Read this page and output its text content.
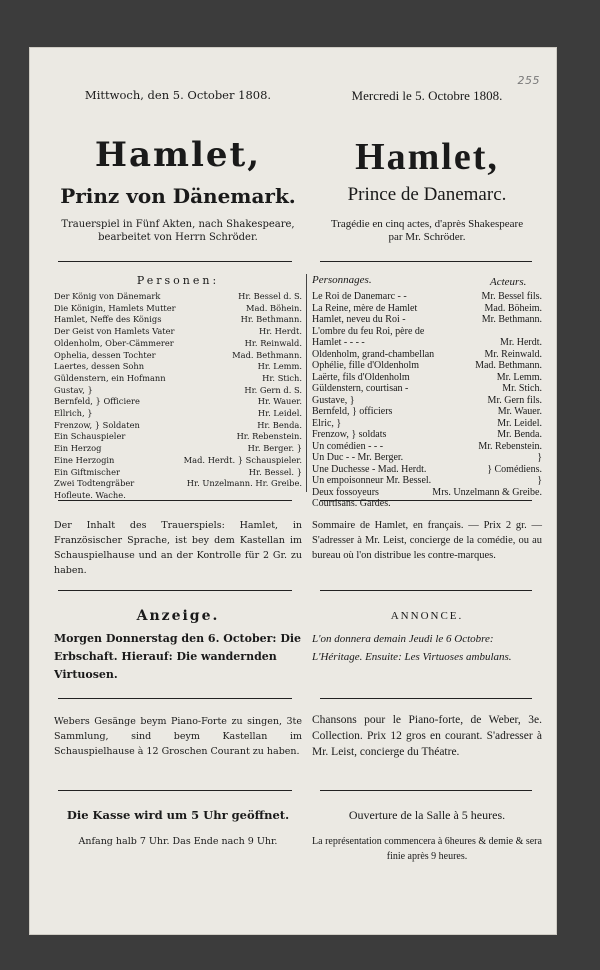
255
Mittwoch, den 5. October 1808.	Mercredi le 5. Octobre 1808.
Hamlet,	Hamlet,
Prinz von Dänemark.	Prince de Danemarc.
Trauerspiel in Fünf Akten, nach Shakespeare,
bearbeitet von Herrn Schröder.
Tragédie en cinq actes, d'après Shakespeare
par Mr. Schröder.
Personen:	Personnages.	Acteurs.
Der König von Dänemark	Hr. Bessel d. S.
Die Königin, Hamlets Mutter	Mad. Böhein.
Hamlet, Neffe des Königs	Hr. Bethmann.
Der Geist von Hamlets Vater	Hr. Herdt.
Oldenholm, Ober-Cämmerer	Hr. Reinwald.
Ophelia, dessen Tochter	Mad. Bethmann.
Laertes, dessen Sohn	Hr. Lemm.
Güldenstern, ein Hofmann	Hr. Stich.
Gustav, }	Hr. Gern d. S.
Bernfeld, } Officiere	Hr. Wauer.
Ellrich, }	Hr. Leidel.
Frenzow, } Soldaten	Hr. Benda.
Ein Schauspieler	Hr. Rebenstein.
Ein Herzog	Hr. Berger. }
Eine Herzogin	Mad. Herdt. } Schauspieler.
Ein Giftmischer	Hr. Bessel. }
Zwei Todtengräber	Hr. Unzelmann. Hr. Greibe.
Hofleute. Wache.
Le Roi de Danemarc - -	Mr. Bessel fils.
La Reine, mère de Hamlet	Mad. Böheim.
Hamlet, neveu du Roi -	Mr. Bethmann.
L'ombre du feu Roi, père de
Hamlet - - - -	Mr. Herdt.
Oldenholm, grand-chambellan	Mr. Reinwald.
Ophélie, fille d'Oldenholm	Mad. Bethmann.
Laërte, fils d'Oldenholm	Mr. Lemm.
Güldenstern, courtisan -	Mr. Stich.
Gustave, }	Mr. Gern fils.
Bernfeld, } officiers	Mr. Wauer.
Elric, }	Mr. Leidel.
Frenzow, } soldats	Mr. Benda.
Un comédien - - -	Mr. Rebenstein.
Un Duc - - Mr. Berger.	}
Une Duchesse - Mad. Herdt.	} Comédiens.
Un empoisonneur Mr. Bessel.	}
Deux fossoyeurs	Mrs. Unzelmann & Greibe.
Courtisans. Gardes.
Der Inhalt des Trauerspiels: Hamlet, in Französischer Sprache, ist bey dem Kastellan im Schauspielhause und an der Kontrolle für 2 Gr. zu haben.
Sommaire de Hamlet, en français. — Prix 2 gr. — S'adresser à Mr. Leist, concierge de la comédie, ou au bureau où l'on distribue les contre-marques.
Anzeige.	ANNONCE.
Morgen Donnerstag den 6. October: Die Erbschaft. Hierauf: Die wandernden Virtuosen.
L'on donnera demain Jeudi le 6 Octobre: L'Héritage. Ensuite: Les Virtuoses ambulans.
Webers Gesänge beym Piano-Forte zu singen, 3te Sammlung, sind beym Kastellan im Schauspielhause à 12 Groschen Courant zu haben.
Chansons pour le Piano-forte, de Weber, 3e. Collection. Prix 12 gros en courant. S'adresser à Mr. Leist, concierge du Théatre.
Die Kasse wird um 5 Uhr geöffnet.	Ouverture de la Salle à 5 heures.
Anfang halb 7 Uhr. Das Ende nach 9 Uhr.	La représentation commencera à 6heures & demie & sera finie après 9 heures.
